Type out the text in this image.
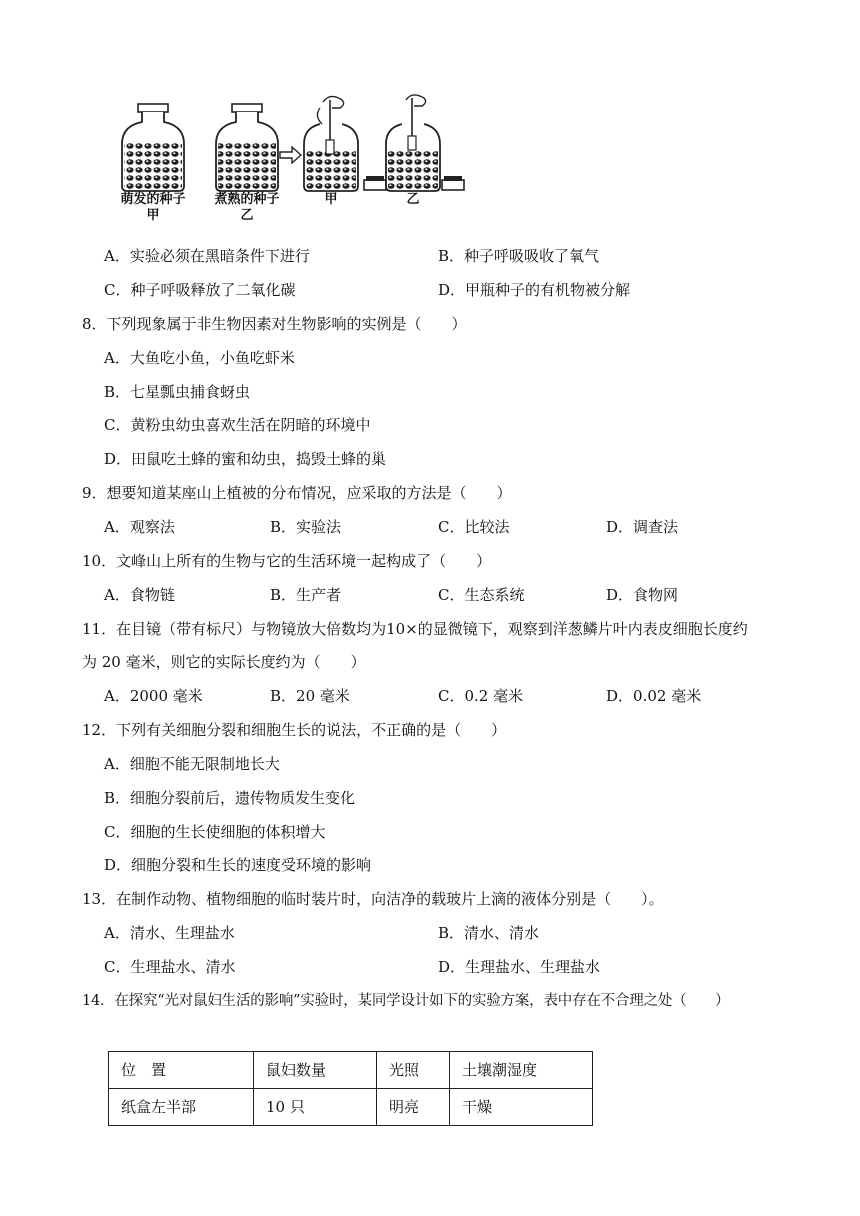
萌发的种子
甲
煮熟的种子
乙
甲	乙
A．实验必须在黑暗条件下进行	B．种子呼吸吸收了氧气
C．种子呼吸释放了二氧化碳	D．甲瓶种子的有机物被分解
8．下列现象属于非生物因素对生物影响的实例是（　　）
A．大鱼吃小鱼，小鱼吃虾米
B．七星瓢虫捕食蚜虫
C．黄粉虫幼虫喜欢生活在阴暗的环境中
D．田鼠吃土蜂的蜜和幼虫，捣毁土蜂的巢
9．想要知道某座山上植被的分布情况，应采取的方法是（　　）
A．观察法	B．实验法	C．比较法	D．调查法
10．文峰山上所有的生物与它的生活环境一起构成了（　　）
A．食物链	B．生产者	C．生态系统	D．食物网
11．在目镜（带有标尺）与物镜放大倍数均为10×的显微镜下，观察到洋葱鳞片叶内表皮细胞长度约
为 20 毫米，则它的实际长度约为（　　）
A．2000 毫米	B．20 毫米	C．0.2 毫米	D．0.02 毫米
12．下列有关细胞分裂和细胞生长的说法，不正确的是（　　）
A．细胞不能无限制地长大
B．细胞分裂前后，遗传物质发生变化
C．细胞的生长使细胞的体积增大
D．细胞分裂和生长的速度受环境的影响
13．在制作动物、植物细胞的临时装片时，向洁净的载玻片上滴的液体分别是（　　）。
A．清水、生理盐水	B．清水、清水
C．生理盐水、清水	D．生理盐水、生理盐水
14．在探究“光对鼠妇生活的影响”实验时，某同学设计如下的实验方案，表中存在不合理之处（　　）
位　置	鼠妇数量	光照	土壤潮湿度
纸盒左半部	10 只	明亮	干燥
